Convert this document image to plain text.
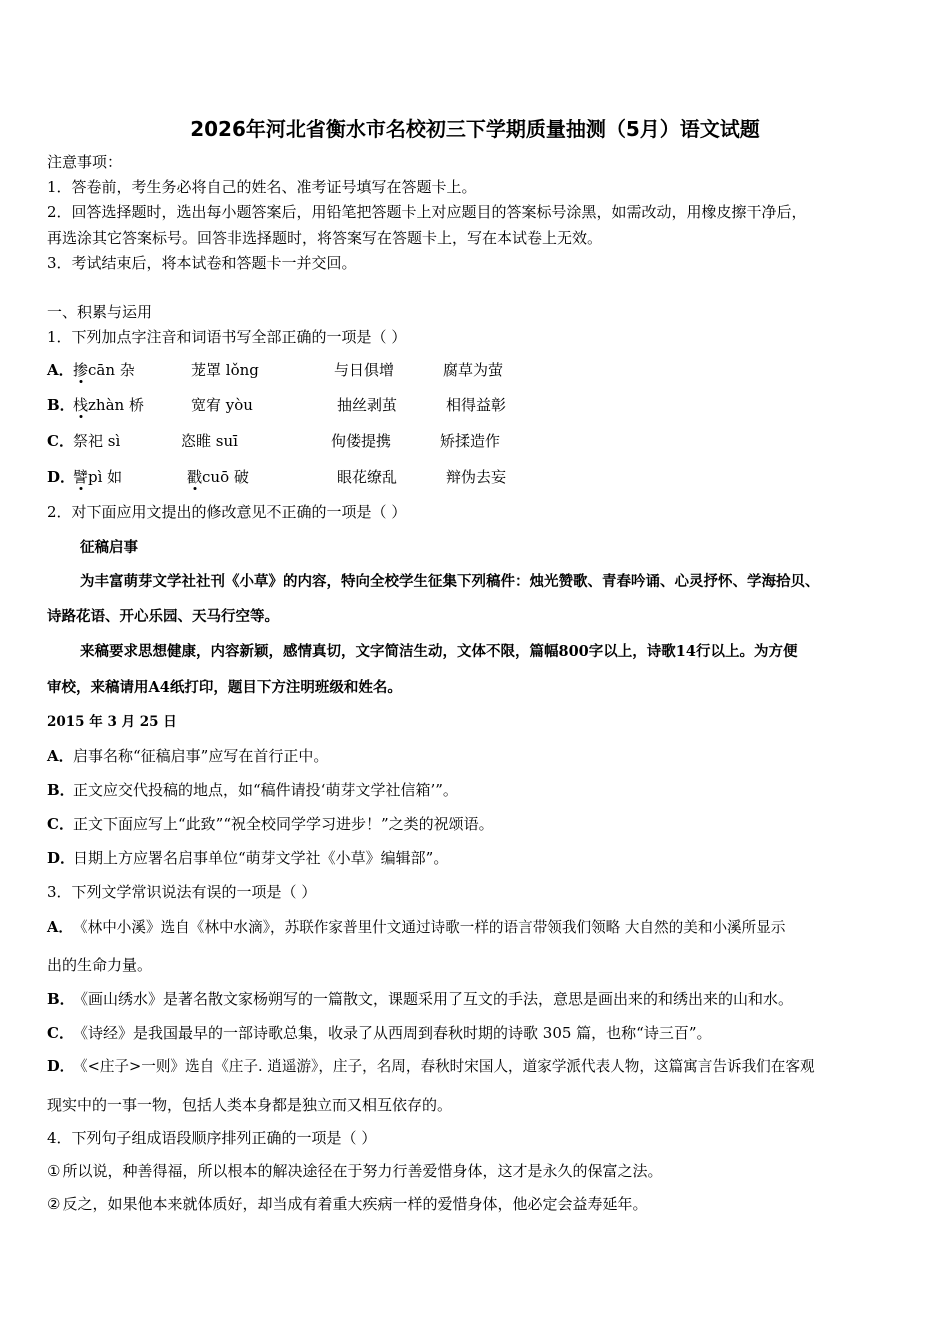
2026年河北省衡水市名校初三下学期质量抽测（5月）语文试题
注意事项：
1．答卷前，考生务必将自己的姓名、准考证号填写在答题卡上。
2．回答选择题时，选出每小题答案后，用铅笔把答题卡上对应题目的答案标号涂黑，如需改动，用橡皮擦干净后，
再选涂其它答案标号。回答非选择题时，将答案写在答题卡上，写在本试卷上无效。
3．考试结束后，将本试卷和答题卡一并交回。
一、积累与运用
1．下列加点字注音和词语书写全部正确的一项是（ ）
A．掺cān 杂	茏罩 lǒng	与日俱增	腐草为萤
B．栈zhàn 桥	宽宥 yòu	抽丝剥茧	相得益彰
C．祭祀 sì	恣睢 suī	佝偻提携	矫揉造作
D．譬pì 如	戳cuō 破	眼花缭乱	辩伪去妄
2．对下面应用文提出的修改意见不正确的一项是（ ）
征稿启事
为丰富萌芽文学社社刊《小草》的内容，特向全校学生征集下列稿件：烛光赞歌、青春吟诵、心灵抒怀、学海拾贝、
诗路花语、开心乐园、天马行空等。
来稿要求思想健康，内容新颖，感情真切，文字简洁生动，文体不限，篇幅800字以上，诗歌14行以上。为方便
审校，来稿请用A4纸打印，题目下方注明班级和姓名。
2015 年 3 月 25 日
A．启事名称“征稿启事”应写在首行正中。
B．正文应交代投稿的地点，如“稿件请投‘萌芽文学社信箱’”。
C．正文下面应写上“此致”“祝全校同学学习进步！”之类的祝颂语。
D．日期上方应署名启事单位“萌芽文学社《小草》编辑部”。
3．下列文学常识说法有误的一项是（ ）
A．《林中小溪》选自《林中水滴》，苏联作家普里什文通过诗歌一样的语言带领我们领略 大自然的美和小溪所显示
出的生命力量。
B．《画山绣水》是著名散文家杨朔写的一篇散文，课题采用了互文的手法，意思是画出来的和绣出来的山和水。
C．《诗经》是我国最早的一部诗歌总集，收录了从西周到春秋时期的诗歌 305 篇，也称“诗三百”。
D．《<庄子>一则》选自《庄子. 逍遥游》，庄子，名周，春秋时宋国人，道家学派代表人物，这篇寓言告诉我们在客观
现实中的一事一物，包括人类本身都是独立而又相互依存的。
4．下列句子组成语段顺序排列正确的一项是（ ）
① 所以说，种善得福，所以根本的解决途径在于努力行善爱惜身体，这才是永久的保富之法。
② 反之，如果他本来就体质好，却当成有着重大疾病一样的爱惜身体，他必定会益寿延年。
